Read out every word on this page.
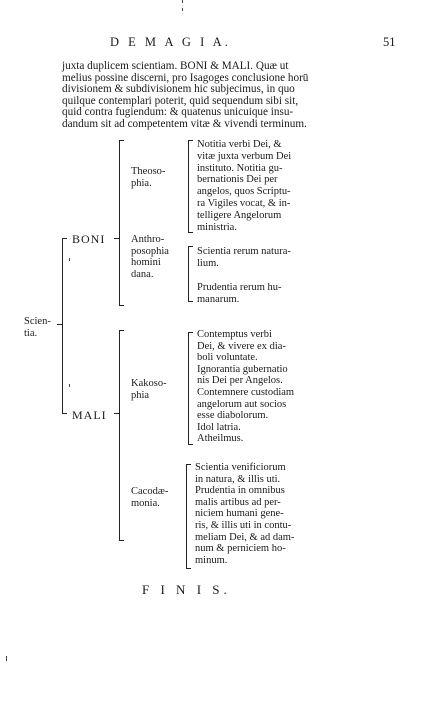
D E M A G I A.	51
juxta duplicem scientiam. BONI & MALI. Quæ ut
melius possine discerni, pro Isagoges conclusione horū
divisionem & subdivisionem hic subjecimus, in quo
quilque contemplari poterit, quid sequendum sibi sit,
quid contra fugiendum: & quatenus unicuique insu-
dandum sit ad competentem vitæ & vivendi terminum.
Scien-
tia.
BONI
MALI
Theoso-
phia.
Notitia verbi Dei, &
vitæ juxta verbum Dei
instituto. Notitia gu-
bernationis Dei per
angelos, quos Scriptu-
ra Vigiles vocat, & in-
telligere Angelorum
ministria.
Anthro-
posophia
homini
dana.
Scientia rerum natura-
lium.
Prudentia rerum hu-
manarum.
Kakoso-
phia
Contemptus verbi
Dei, & vivere ex dia-
boli voluntate.
Ignorantia gubernatio
nis Dei per Angelos.
Contemnere custodiam
angelorum aut socios
esse diabolorum.
Idol latria.
Atheilmus.
Cacodæ-
monia.
Scientia venificiorum
in natura, & illis uti.
Prudentia in omnibus
malis artibus ad per-
niciem humani gene-
ris, & illis uti in contu-
meliam Dei, & ad dam-
num & perniciem ho-
minum.
F I N I S.
